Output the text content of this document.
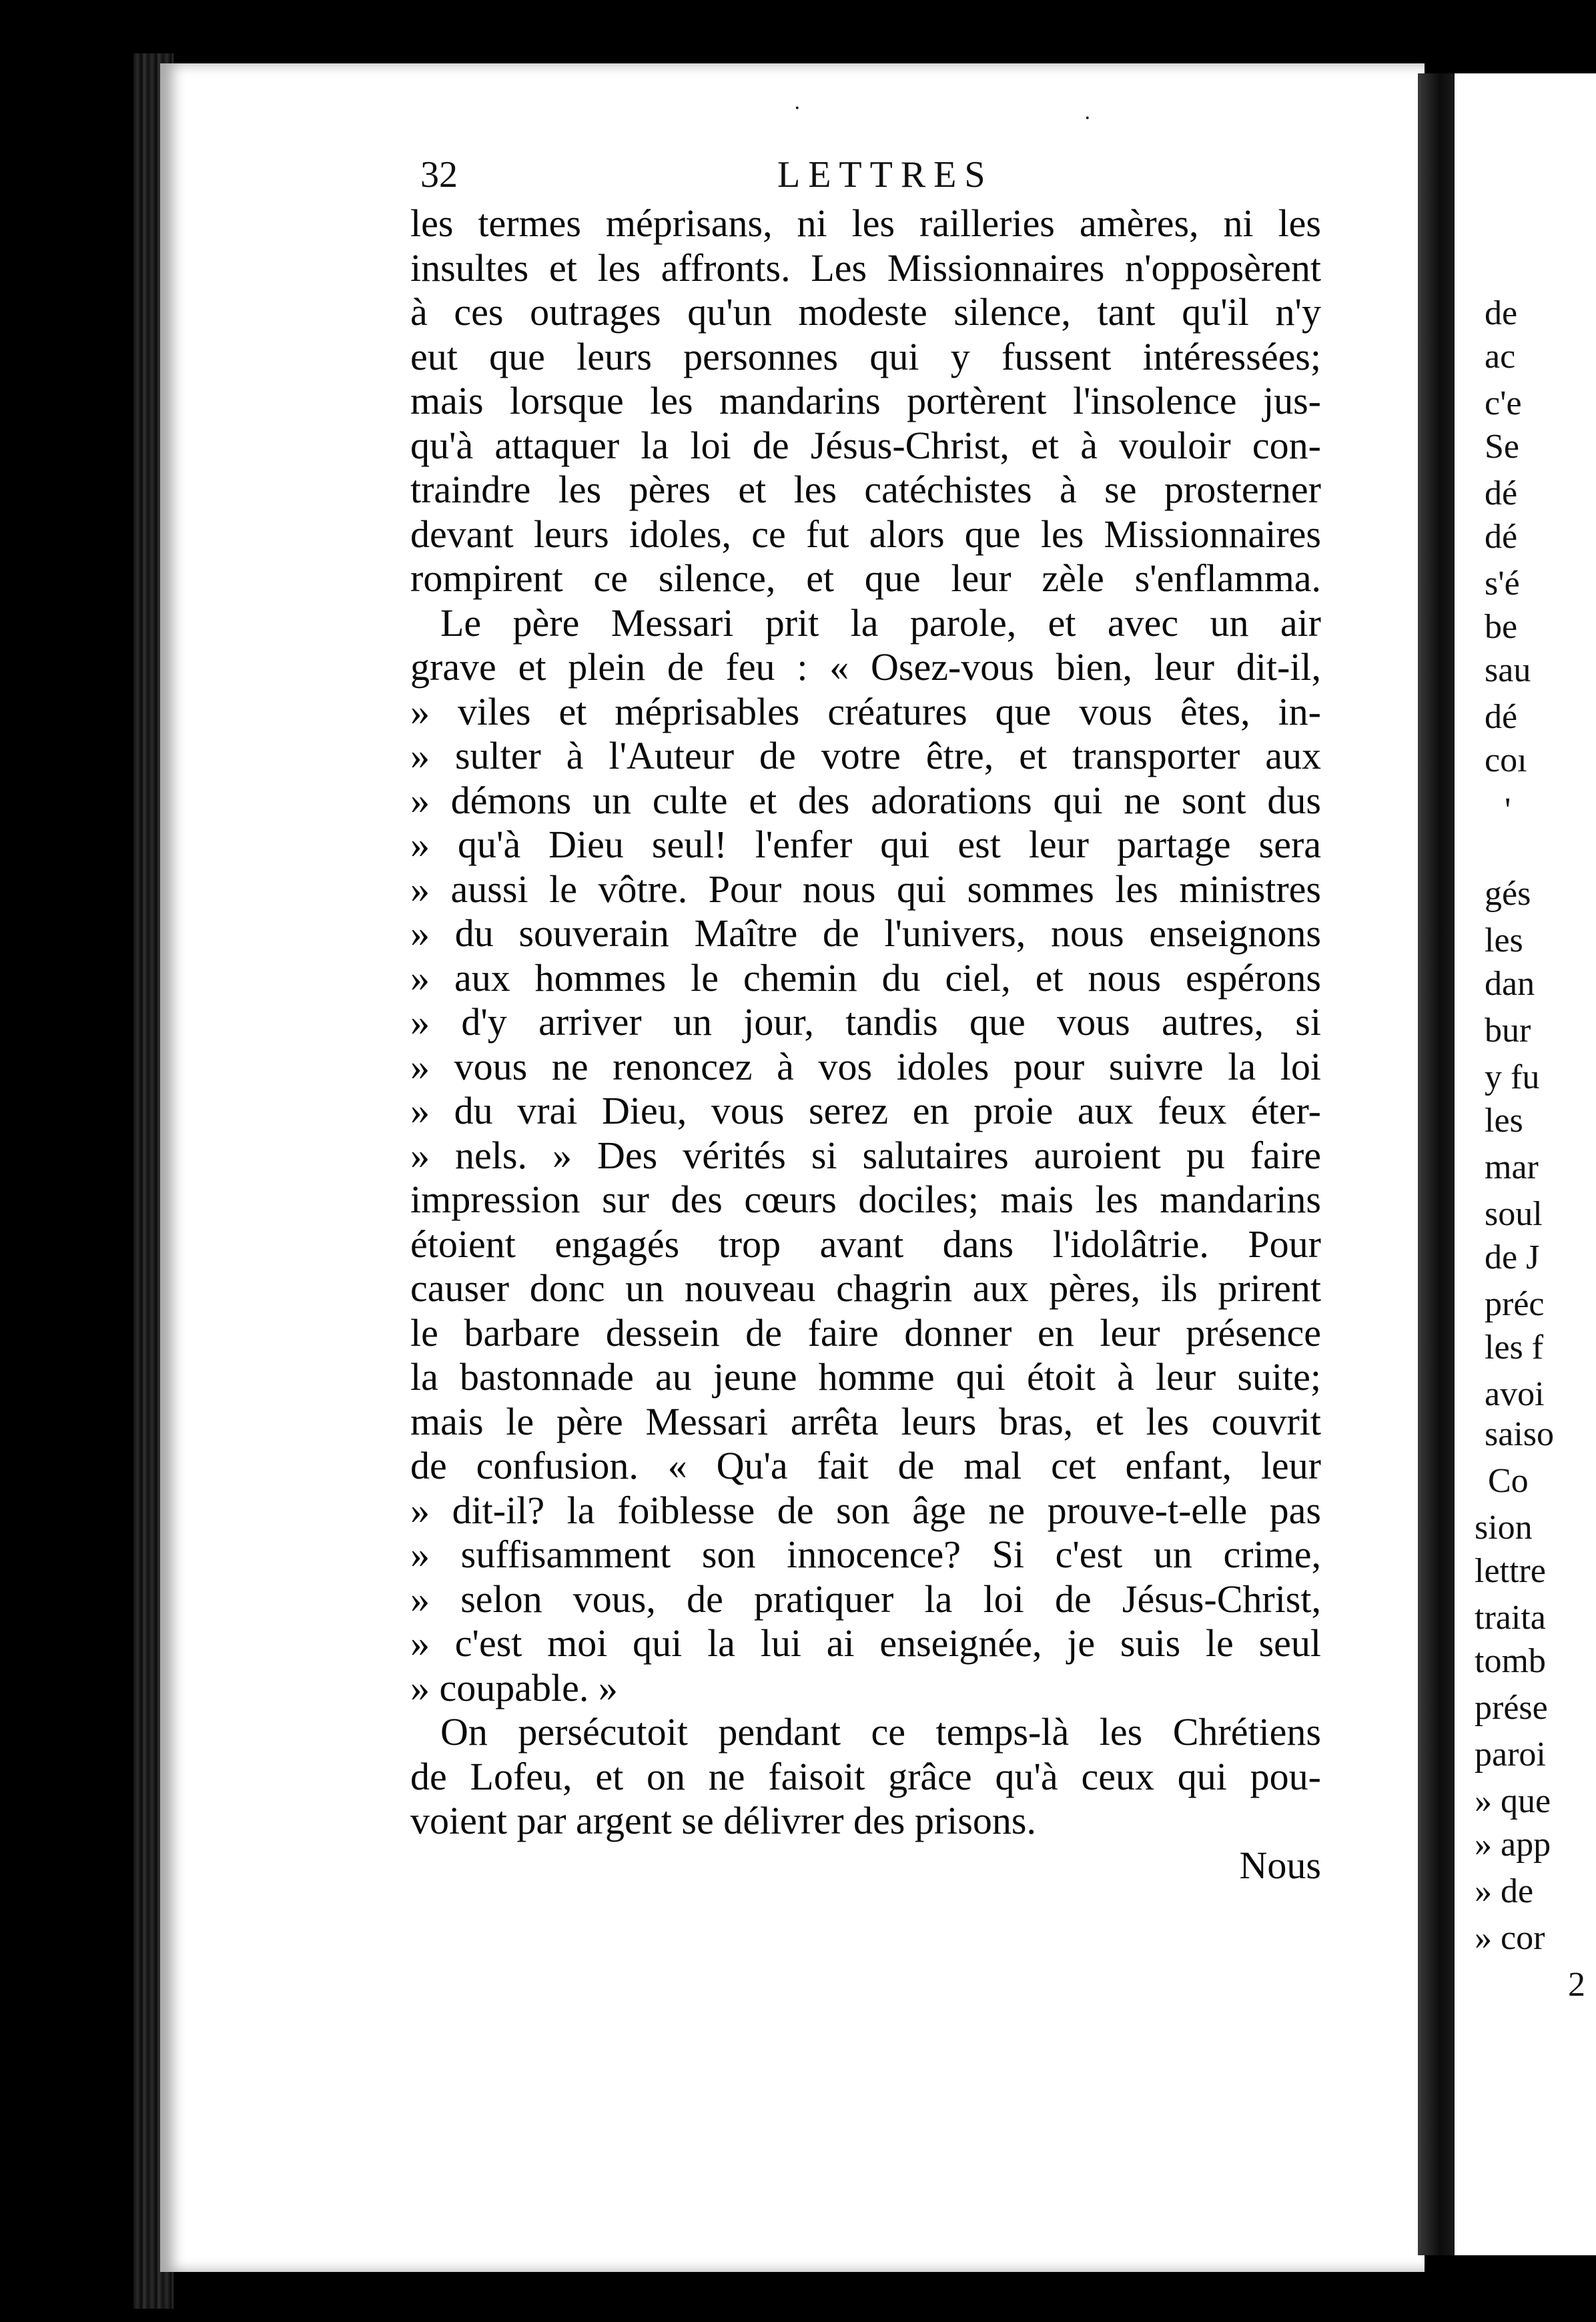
de
ac
c'e
Se
dé
dé
s'é
be
sau
dé
coı
'
gés
les
dan
bur
y fu
les
mar
soul
de J
préc
les f
avoi
saiso
Co
sion
lettre
traita
tomb
prése
paroi
» que
» app
» de
» cor
2
32	LETTRES
les termes méprisans, ni les railleries amères, ni les
insultes et les affronts. Les Missionnaires n'opposèrent
à ces outrages qu'un modeste silence, tant qu'il n'y
eut que leurs personnes qui y fussent intéressées;
mais lorsque les mandarins portèrent l'insolence jus-
qu'à attaquer la loi de Jésus-Christ, et à vouloir con-
traindre les pères et les catéchistes à se prosterner
devant leurs idoles, ce fut alors que les Missionnaires
rompirent ce silence, et que leur zèle s'enflamma.
Le père Messari prit la parole, et avec un air
grave et plein de feu : « Osez-vous bien, leur dit-il,
» viles et méprisables créatures que vous êtes, in-
» sulter à l'Auteur de votre être, et transporter aux
» démons un culte et des adorations qui ne sont dus
» qu'à Dieu seul! l'enfer qui est leur partage sera
» aussi le vôtre. Pour nous qui sommes les ministres
» du souverain Maître de l'univers, nous enseignons
» aux hommes le chemin du ciel, et nous espérons
» d'y arriver un jour, tandis que vous autres, si
» vous ne renoncez à vos idoles pour suivre la loi
» du vrai Dieu, vous serez en proie aux feux éter-
» nels. » Des vérités si salutaires auroient pu faire
impression sur des cœurs dociles; mais les mandarins
étoient engagés trop avant dans l'idolâtrie. Pour
causer donc un nouveau chagrin aux pères, ils prirent
le barbare dessein de faire donner en leur présence
la bastonnade au jeune homme qui étoit à leur suite;
mais le père Messari arrêta leurs bras, et les couvrit
de confusion. « Qu'a fait de mal cet enfant, leur
» dit-il? la foiblesse de son âge ne prouve-t-elle pas
» suffisamment son innocence? Si c'est un crime,
» selon vous, de pratiquer la loi de Jésus-Christ,
» c'est moi qui la lui ai enseignée, je suis le seul
» coupable. »
On persécutoit pendant ce temps-là les Chrétiens
de Lofeu, et on ne faisoit grâce qu'à ceux qui pou-
voient par argent se délivrer des prisons.
Nous
·	·
